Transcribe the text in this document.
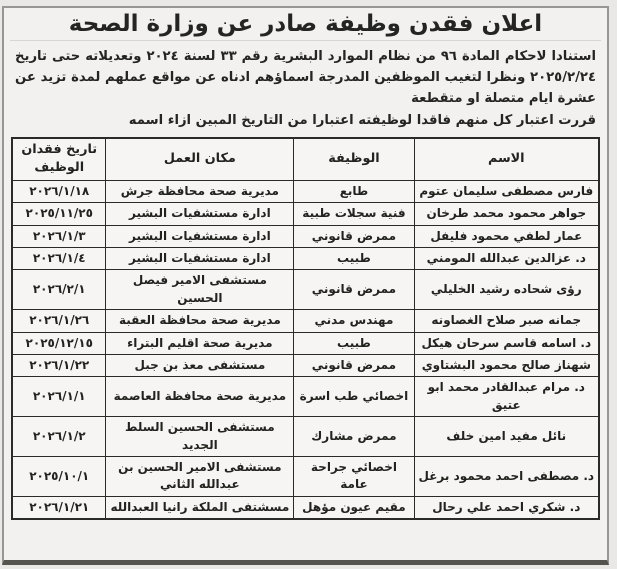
اعلان فقدن وظيفة صادر عن وزارة الصحة

استنادا لاحكام المادة ٩٦ من نظام الموارد البشرية رقم ٣٣ لسنة ٢٠٢٤ وتعديلاته حتى تاريخ ٢٠٢٥/٢/٢٤ ونظرا لتغيب الموظفين المدرجة اسماؤهم ادناه عن مواقع عملهم لمدة تزيد عن عشرة ايام متصلة او متقطعة

قررت اعتبار كل منهم فاقدا لوظيفته اعتبارا من التاريخ المبين ازاء اسمه

الاسم	الوظيفة	مكان العمل	تاريخ فقدان الوظيف
فارس مصطفى سليمان عتوم	طابع	مديرية صحة محافظة جرش	٢٠٢٦/١/١٨
جواهر محمود محمد طرخان	فنية سجلات طبية	ادارة مستشفيات البشير	٢٠٢٥/١١/٢٥
عمار لطفي محمود فليفل	ممرض قانوني	ادارة مستشفيات البشير	٢٠٢٦/١/٣
د. عزالدين عبدالله المومني	طبيب	ادارة مستشفيات البشير	٢٠٢٦/١/٤
رؤى شحاده رشيد الخليلي	ممرض قانوني	مستشفى الامير فيصل الحسين	٢٠٢٦/٢/١
جمانه صبر صلاح الغصاونه	مهندس مدني	مديرية صحة محافظة العقبة	٢٠٢٦/١/٢٦
د. اسامه قاسم سرحان هيكل	طبيب	مديرية صحة اقليم البتراء	٢٠٢٥/١٢/١٥
شهناز صالح محمود البشتاوي	ممرض قانوني	مستشفى معذ بن جبل	٢٠٢٦/١/٢٢
د. مرام عبدالقادر محمد ابو عتيق	اخصائي طب اسرة	مديرية صحة محافظة العاصمة	٢٠٢٦/١/١
نائل مفيد امين خلف	ممرض مشارك	مستشفى الحسين السلط الجديد	٢٠٢٦/١/٢
د. مصطفى احمد محمود برغل	اخصائي جراحة عامة	مستشفى الامير الحسين بن عبدالله الثاني	٢٠٢٥/١٠/١
د. شكري احمد علي رحال	مقيم عيون مؤهل	مسشتفى الملكة رانيا العبدالله	٢٠٢٦/١/٢١
